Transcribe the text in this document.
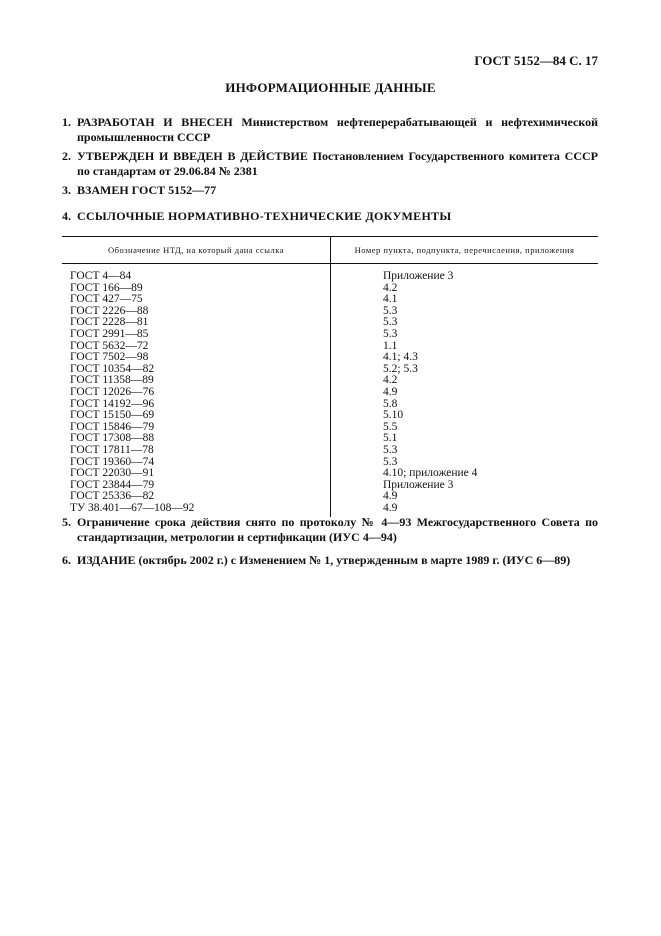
ГОСТ 5152—84 С. 17
ИНФОРМАЦИОННЫЕ ДАННЫЕ
1. РАЗРАБОТАН И ВНЕСЕН Министерством нефтеперерабатывающей и нефтехимической промышленности СССР
2. УТВЕРЖДЕН И ВВЕДЕН В ДЕЙСТВИЕ Постановлением Государственного комитета СССР по стандартам от 29.06.84 № 2381
3. ВЗАМЕН ГОСТ 5152—77
4. ССЫЛОЧНЫЕ НОРМАТИВНО-ТЕХНИЧЕСКИЕ ДОКУМЕНТЫ
Обозначение НТД, на который дана ссылка	Номер пункта, подпункта, перечисления, приложения
ГОСТ 4—84	Приложение 3
ГОСТ 166—89	4.2
ГОСТ 427—75	4.1
ГОСТ 2226—88	5.3
ГОСТ 2228—81	5.3
ГОСТ 2991—85	5.3
ГОСТ 5632—72	1.1
ГОСТ 7502—98	4.1; 4.3
ГОСТ 10354—82	5.2; 5.3
ГОСТ 11358—89	4.2
ГОСТ 12026—76	4.9
ГОСТ 14192—96	5.8
ГОСТ 15150—69	5.10
ГОСТ 15846—79	5.5
ГОСТ 17308—88	5.1
ГОСТ 17811—78	5.3
ГОСТ 19360—74	5.3
ГОСТ 22030—91	4.10; приложение 4
ГОСТ 23844—79	Приложение 3
ГОСТ 25336—82	4.9
ТУ 38.401—67—108—92	4.9
5. Ограничение срока действия снято по протоколу № 4—93 Межгосударственного Совета по стандартизации, метрологии и сертификации (ИУС 4—94)
6. ИЗДАНИЕ (октябрь 2002 г.) с Изменением № 1, утвержденным в марте 1989 г. (ИУС 6—89)
